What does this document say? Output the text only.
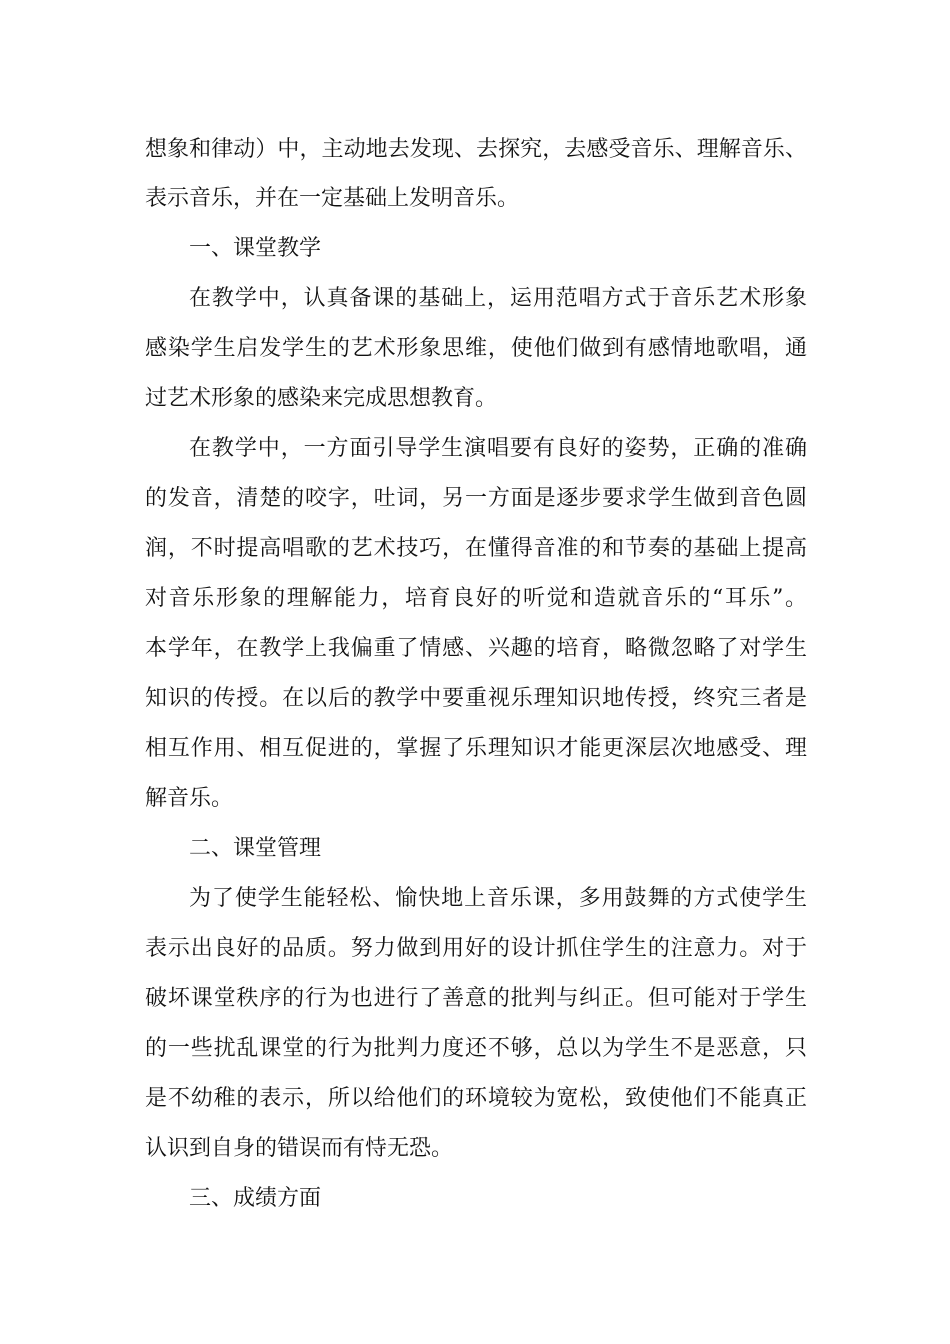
想象和律动）中，主动地去发现、去探究，去感受音乐、理解音乐、
表示音乐，并在一定基础上发明音乐。
一、课堂教学
在教学中，认真备课的基础上，运用范唱方式于音乐艺术形象
感染学生启发学生的艺术形象思维，使他们做到有感情地歌唱，通
过艺术形象的感染来完成思想教育。
在教学中，一方面引导学生演唱要有良好的姿势，正确的准确
的发音，清楚的咬字，吐词，另一方面是逐步要求学生做到音色圆
润，不时提高唱歌的艺术技巧，在懂得音准的和节奏的基础上提高
对音乐形象的理解能力，培育良好的听觉和造就音乐的“耳乐”。
本学年，在教学上我偏重了情感、兴趣的培育，略微忽略了对学生
知识的传授。在以后的教学中要重视乐理知识地传授，终究三者是
相互作用、相互促进的，掌握了乐理知识才能更深层次地感受、理
解音乐。
二、课堂管理
为了使学生能轻松、愉快地上音乐课，多用鼓舞的方式使学生
表示出良好的品质。努力做到用好的设计抓住学生的注意力。对于
破坏课堂秩序的行为也进行了善意的批判与纠正。但可能对于学生
的一些扰乱课堂的行为批判力度还不够，总以为学生不是恶意，只
是不幼稚的表示，所以给他们的环境较为宽松，致使他们不能真正
认识到自身的错误而有恃无恐。
三、成绩方面
